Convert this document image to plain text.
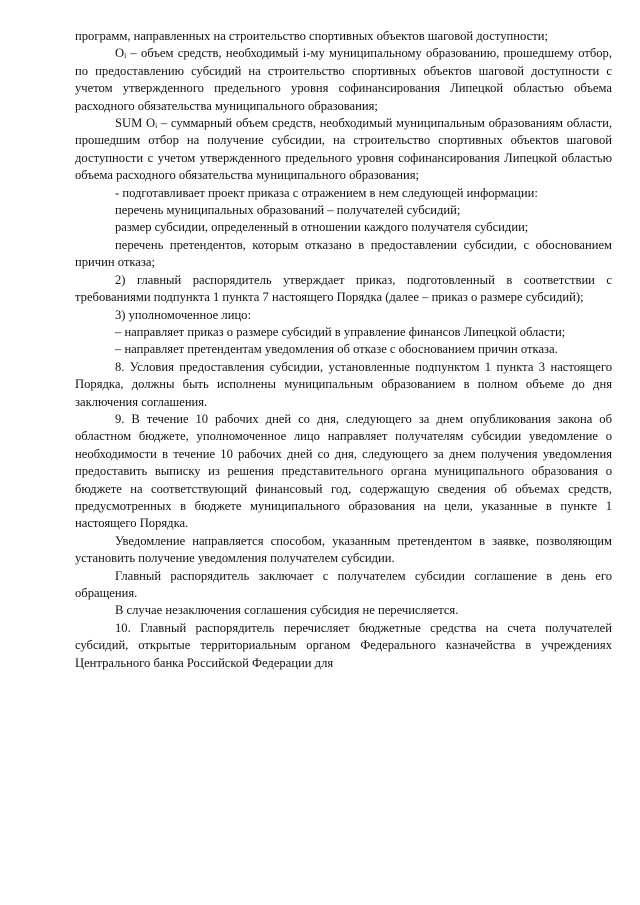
программ, направленных на строительство спортивных объектов шаговой доступности;

Оᵢ – объем средств, необходимый i-му муниципальному образованию, прошедшему отбор, по предоставлению субсидий на строительство спортивных объектов шаговой доступности с учетом утвержденного предельного уровня софинансирования Липецкой областью объема расходного обязательства муниципального образования;

SUM Оᵢ – суммарный объем средств, необходимый муниципальным образованиям области, прошедшим отбор на получение субсидии, на строительство спортивных объектов шаговой доступности с учетом утвержденного предельного уровня софинансирования Липецкой областью объема расходного обязательства муниципального образования;

- подготавливает проект приказа с отражением в нем следующей информации:

перечень муниципальных образований – получателей субсидий;

размер субсидии, определенный в отношении каждого получателя субсидии;

перечень претендентов, которым отказано в предоставлении субсидии, с обоснованием причин отказа;

2) главный распорядитель утверждает приказ, подготовленный в соответствии с требованиями подпункта 1 пункта 7 настоящего Порядка (далее – приказ о размере субсидий);

3) уполномоченное лицо:

– направляет приказ о размере субсидий в управление финансов Липецкой области;

– направляет претендентам уведомления об отказе с обоснованием причин отказа.

8. Условия предоставления субсидии, установленные подпунктом 1 пункта 3 настоящего Порядка, должны быть исполнены муниципальным образованием в полном объеме до дня заключения соглашения.

9. В течение 10 рабочих дней со дня, следующего за днем опубликования закона об областном бюджете, уполномоченное лицо направляет получателям субсидии уведомление о необходимости в течение 10 рабочих дней со дня, следующего за днем получения уведомления предоставить выписку из решения представительного органа муниципального образования о бюджете на соответствующий финансовый год, содержащую сведения об объемах средств, предусмотренных в бюджете муниципального образования на цели, указанные в пункте 1 настоящего Порядка.

Уведомление направляется способом, указанным претендентом в заявке, позволяющим установить получение уведомления получателем субсидии.

Главный распорядитель заключает с получателем субсидии соглашение в день его обращения.

В случае незаключения соглашения субсидия не перечисляется.

10. Главный распорядитель перечисляет бюджетные средства на счета получателей субсидий, открытые территориальным органом Федерального казначейства в учреждениях Центрального банка Российской Федерации для
